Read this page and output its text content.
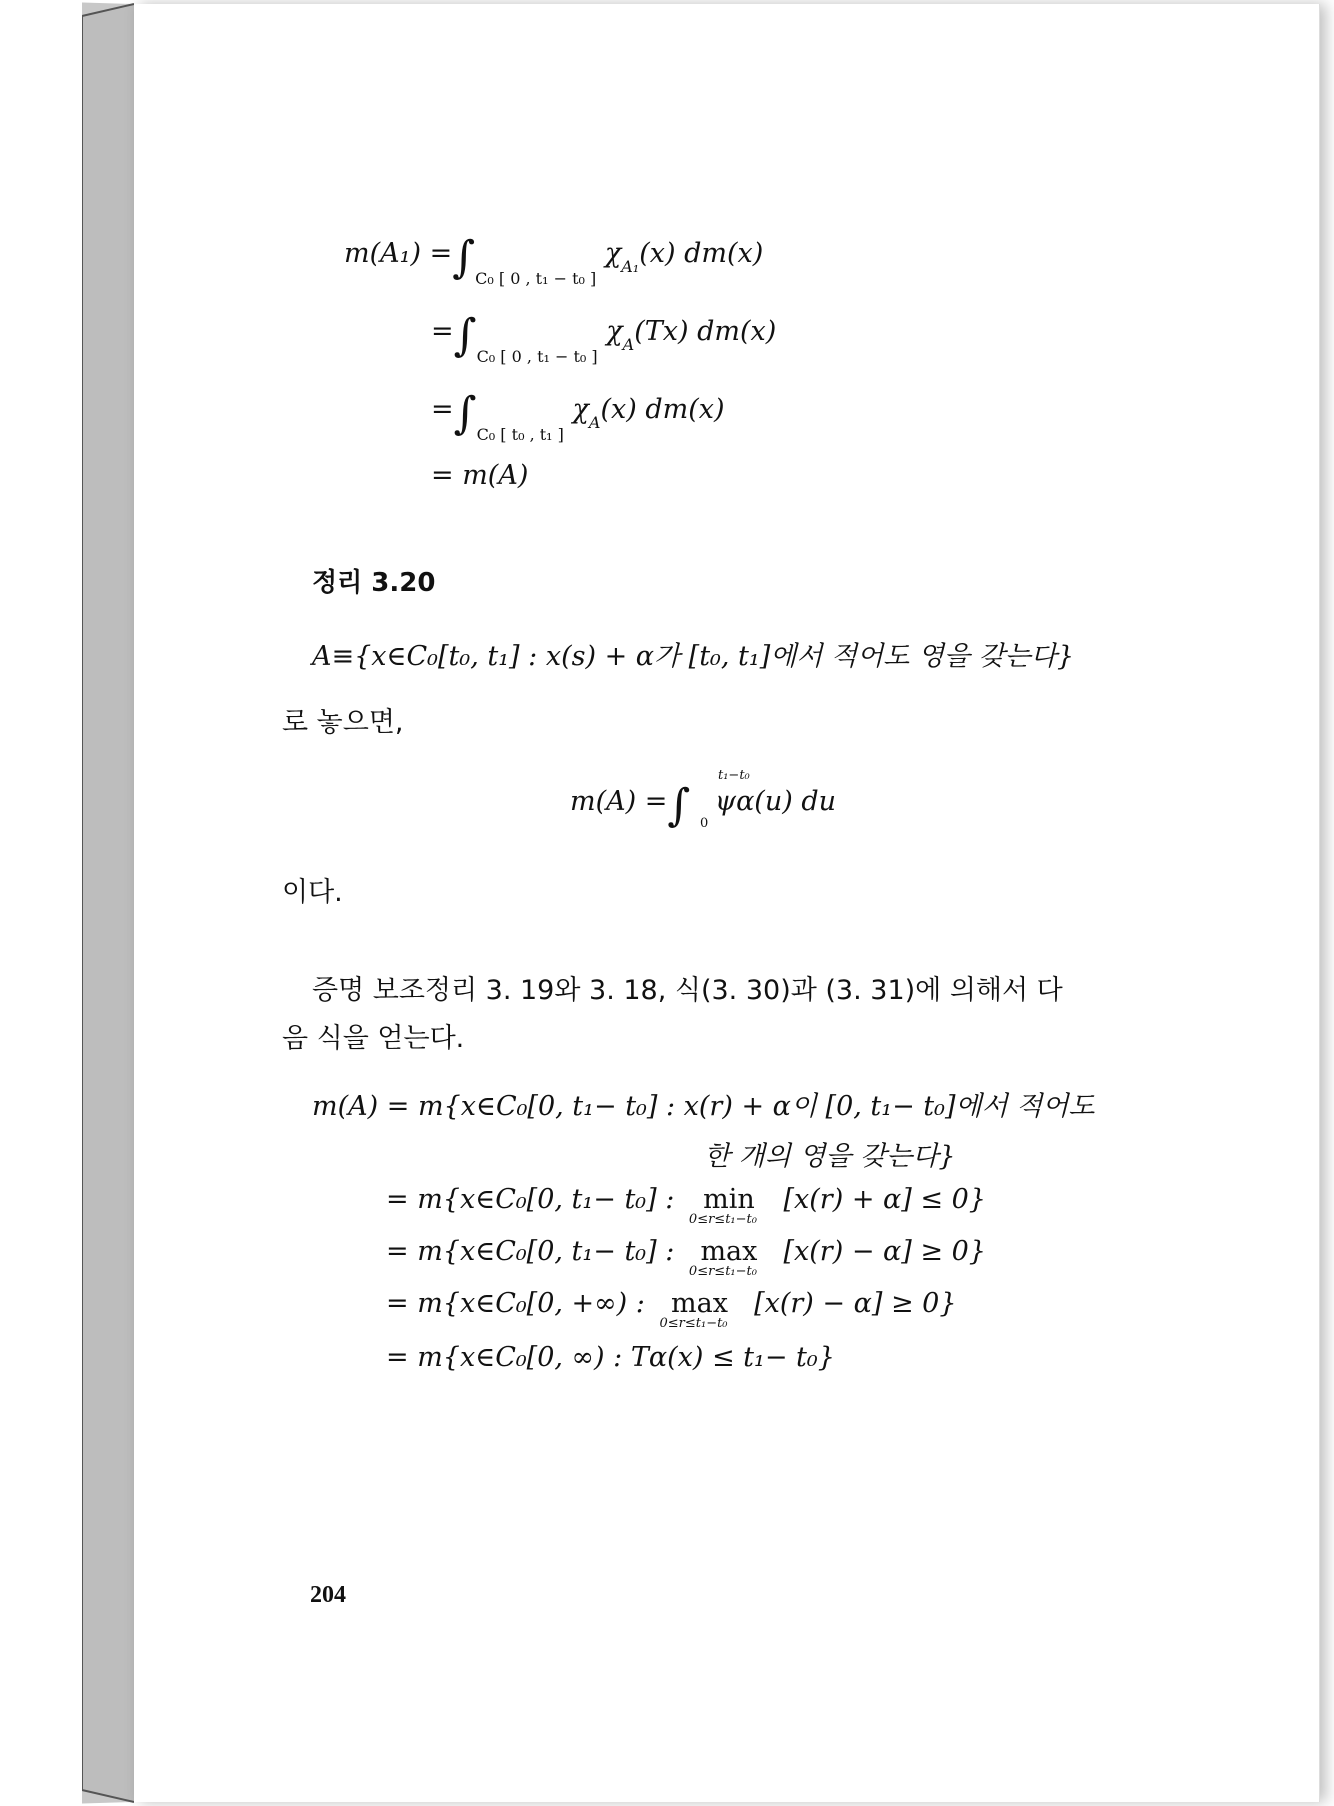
$m(A_1) =\int_{C_0 [ 0 , t_1 - t_0 ]}$ $\chi_{A_1}(x)$ dm(x)
$=\int_{C_0 [ 0 , t_1 - t_0 ]}$ $\chi_A(Tx)$ dm(x)
$=\int_{C_0 [ t_0 , t_1 ]}$ $\chi_A(x)$ dm(x)
= m(A)
정리 3.20
A≡{x∈C₀[t₀, t₁] : x(s) + α가 [t₀, t₁]에서 적어도 영을 갖는다}
로 놓으면,
m(A) =∫
t₁−t₀
0
ψα(u) du
이다.
증명 보조정리 3. 19와 3. 18, 식(3. 30)과 (3. 31)에 의해서 다
음 식을 얻는다.
m(A) = m{x∈C₀[0, t₁− t₀] : x(r) + α이 [0, t₁− t₀]에서 적어도
한 개의 영을 갖는다}
= m{x∈C₀[0, t₁− t₀] : min
0≤r≤t₁−t₀
[x(r) + α] ≤ 0}
= m{x∈C₀[0, t₁− t₀] : max
0≤r≤t₁−t₀
[x(r) − α] ≥ 0}
= m{x∈C₀[0, +∞) : max
0≤r≤t₁−t₀
[x(r) − α] ≥ 0}
= m{x∈C₀[0, ∞) : Tα(x) ≤ t₁− t₀}
204
